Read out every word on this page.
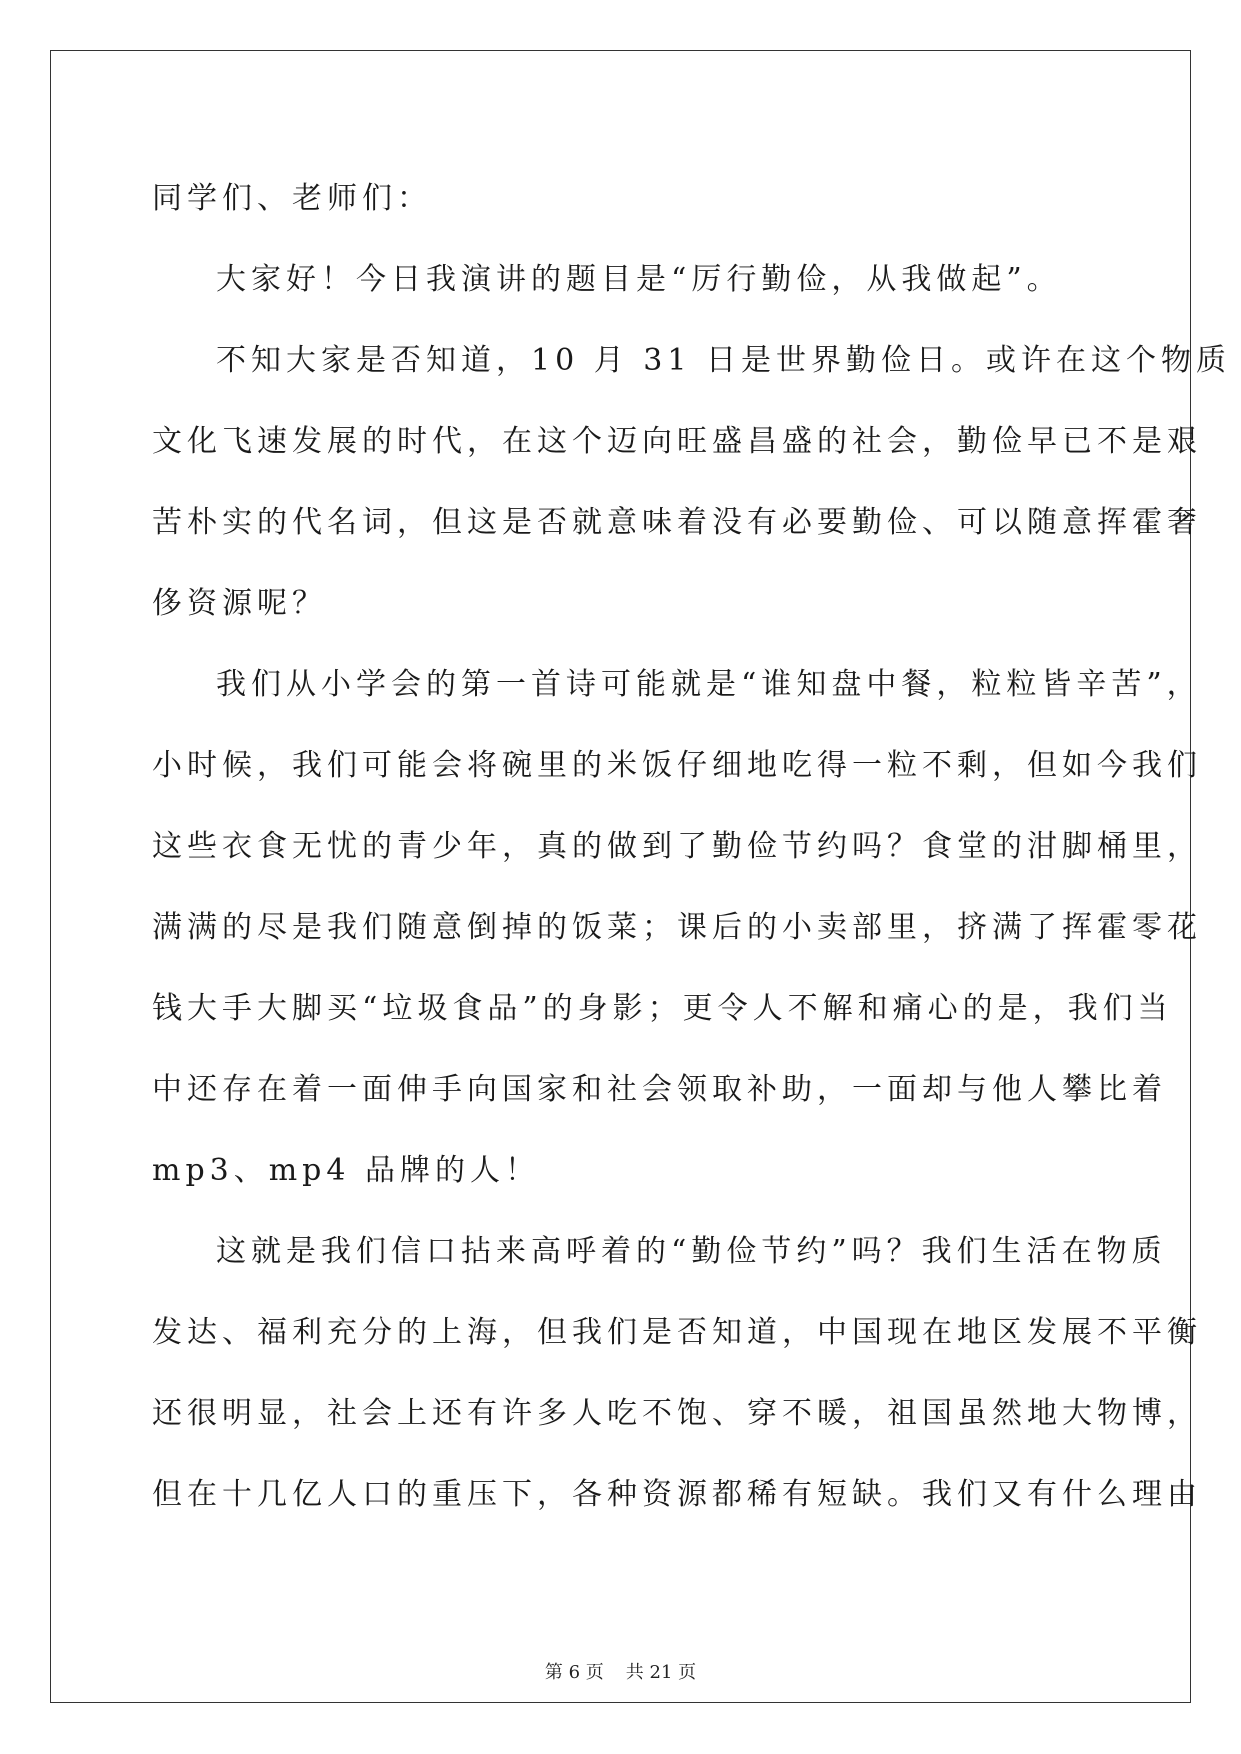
同学们、老师们：

大家好！今日我演讲的题目是“厉行勤俭，从我做起”。

不知大家是否知道，10 月 31 日是世界勤俭日。或许在这个物质
文化飞速发展的时代，在这个迈向旺盛昌盛的社会，勤俭早已不是艰
苦朴实的代名词，但这是否就意味着没有必要勤俭、可以随意挥霍奢
侈资源呢？

我们从小学会的第一首诗可能就是“谁知盘中餐，粒粒皆辛苦”，
小时候，我们可能会将碗里的米饭仔细地吃得一粒不剩，但如今我们
这些衣食无忧的青少年，真的做到了勤俭节约吗？食堂的泔脚桶里，
满满的尽是我们随意倒掉的饭菜；课后的小卖部里，挤满了挥霍零花
钱大手大脚买“垃圾食品”的身影；更令人不解和痛心的是，我们当
中还存在着一面伸手向国家和社会领取补助，一面却与他人攀比着
mp3、mp4 品牌的人！

这就是我们信口拈来高呼着的“勤俭节约”吗？我们生活在物质
发达、福利充分的上海，但我们是否知道，中国现在地区发展不平衡
还很明显，社会上还有许多人吃不饱、穿不暖，祖国虽然地大物博，
但在十几亿人口的重压下，各种资源都稀有短缺。我们又有什么理由

第 6 页 共 21 页
